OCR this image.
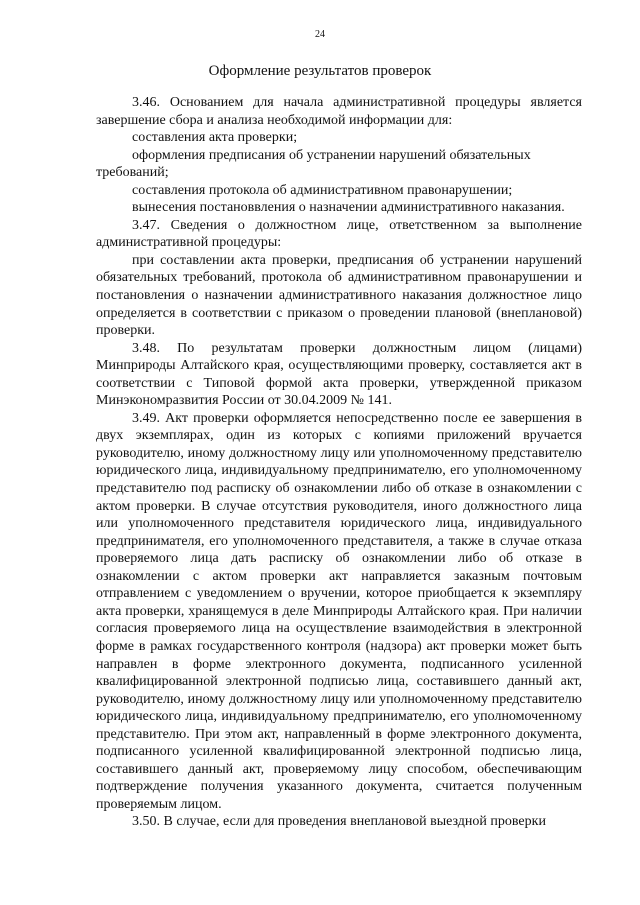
24
Оформление результатов проверок

3.46. Основанием для начала административной процедуры является завершение сбора и анализа необходимой информации для:

составления акта проверки;

оформления предписания об устранении нарушений обязательных требований;

составления протокола об административном правонарушении;

вынесения постановвления о назначении административного наказания.

3.47. Сведения о должностном лице, ответственном за выполнение административной процедуры:

при составлении акта проверки, предписания об устранении нарушений обязательных требований, протокола об административном правонарушении и постановления о назначении административного наказания должностное лицо определяется в соответствии с приказом о проведении плановой (внеплановой) проверки.

3.48. По результатам проверки должностным лицом (лицами) Минприроды Алтайского края, осуществляющими проверку, составляется акт в соответствии с Типовой формой акта проверки, утвержденной приказом Минэкономразвития России от 30.04.2009 № 141.

3.49. Акт проверки оформляется непосредственно после ее завершения в двух экземплярах, один из которых с копиями приложений вручается руководителю, иному должностному лицу или уполномоченному представителю юридического лица, индивидуальному предпринимателю, его уполномоченному представителю под расписку об ознакомлении либо об отказе в ознакомлении с актом проверки. В случае отсутствия руководителя, иного должностного лица или уполномоченного представителя юридического лица, индивидуального предпринимателя, его уполномоченного представителя, а также в случае отказа проверяемого лица дать расписку об ознакомлении либо об отказе в ознакомлении с актом проверки акт направляется заказным почтовым отправлением с уведомлением о вручении, которое приобщается к экземпляру акта проверки, хранящемуся в деле Минприроды Алтайского края. При наличии согласия проверяемого лица на осуществление взаимодействия в электронной форме в рамках государственного контроля (надзора) акт проверки может быть направлен в форме электронного документа, подписанного усиленной квалифицированной электронной подписью лица, составившего данный акт, руководителю, иному должностному лицу или уполномоченному представителю юридического лица, индивидуальному предпринимателю, его уполномоченному представителю. При этом акт, направленный в форме электронного документа, подписанного усиленной квалифицированной электронной подписью лица, составившего данный акт, проверяемому лицу способом, обеспечивающим подтверждение получения указанного документа, считается полученным проверяемым лицом.

3.50. В случае, если для проведения внеплановой выездной проверки
